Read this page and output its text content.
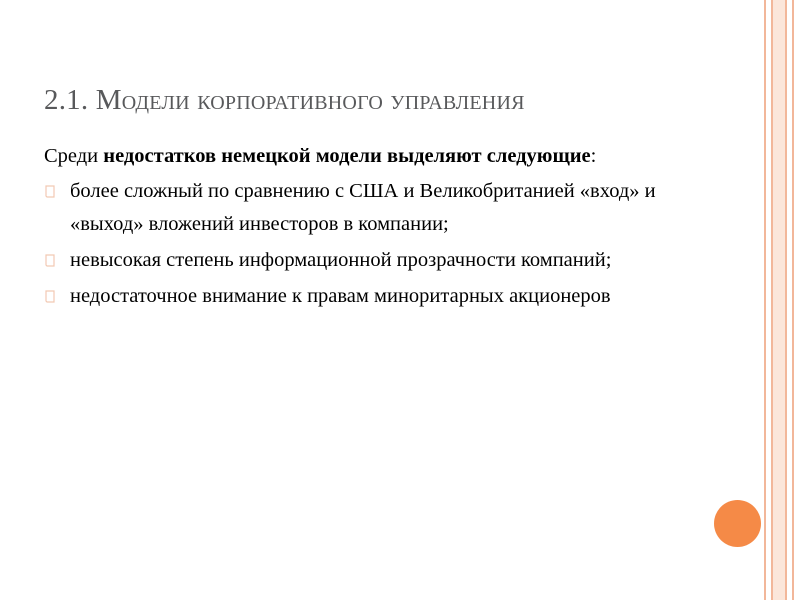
2.1. Модели корпоративного управления
Среди недостатков немецкой модели выделяют следующие:
более сложный по сравнению с США и Великобританией «вход» и «выход» вложений инвесторов в компании;
невысокая степень информационной прозрачности компаний;
недостаточное внимание к правам миноритарных акционеров
